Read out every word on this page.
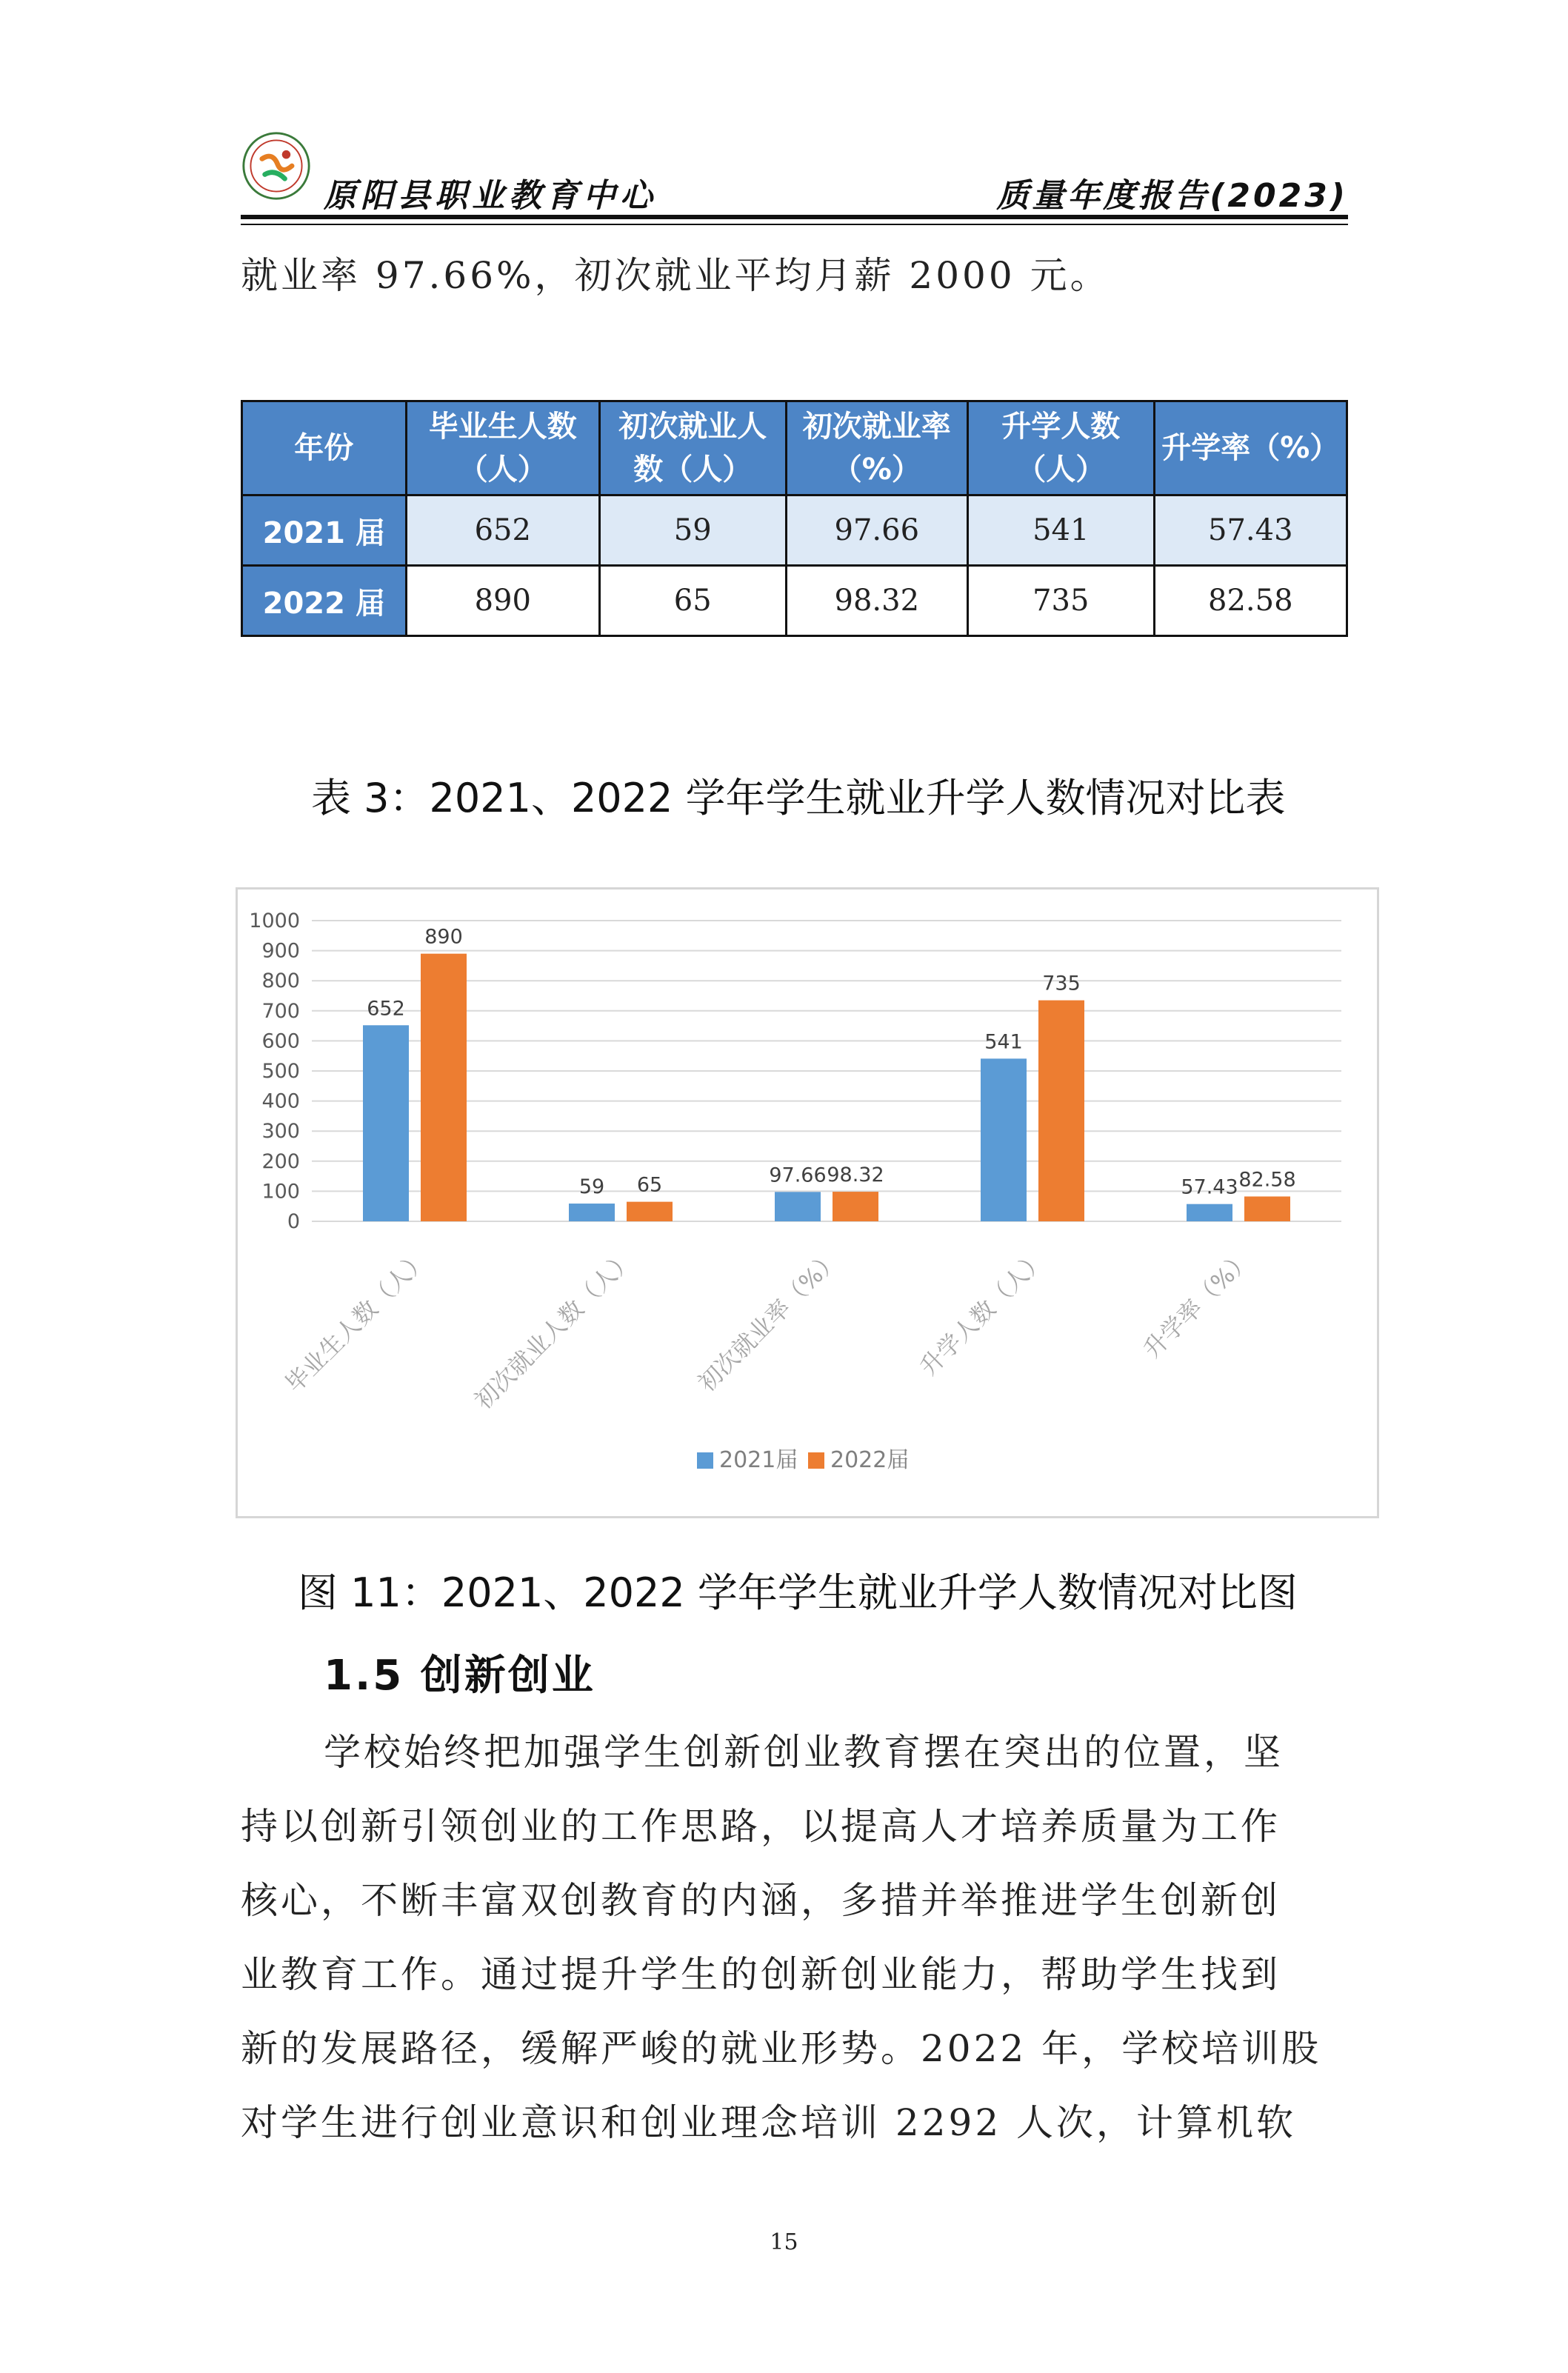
原阳县职业教育中心	质量年度报告(2023)

就业率 97.66%，初次就业平均月薪 2000 元。

年份	毕业生人数（人）	初次就业人数（人）	初次就业率（%）	升学人数（人）	升学率（%）
2021 届	652	59	97.66	541	57.43
2022 届	890	65	98.32	735	82.58
表 3：2021、2022 学年学生就业升学人数情况对比表
0
100
200
300
400
500
600
700
800
900
1000
652
890
毕业生人数（人）
59 65
初次就业人数（人）
97.66 98.32
初次就业率（%）
541
735
升学人数（人）
57.43 82.58
升学率（%）
2021届 2022届
图 11：2021、2022 学年学生就业升学人数情况对比图
1.5 创新创业

学校始终把加强学生创新创业教育摆在突出的位置，坚

持以创新引领创业的工作思路，以提高人才培养质量为工作

核心，不断丰富双创教育的内涵，多措并举推进学生创新创

业教育工作。通过提升学生的创新创业能力，帮助学生找到

新的发展路径，缓解严峻的就业形势。2022 年，学校培训股

对学生进行创业意识和创业理念培训 2292 人次，计算机软

15
